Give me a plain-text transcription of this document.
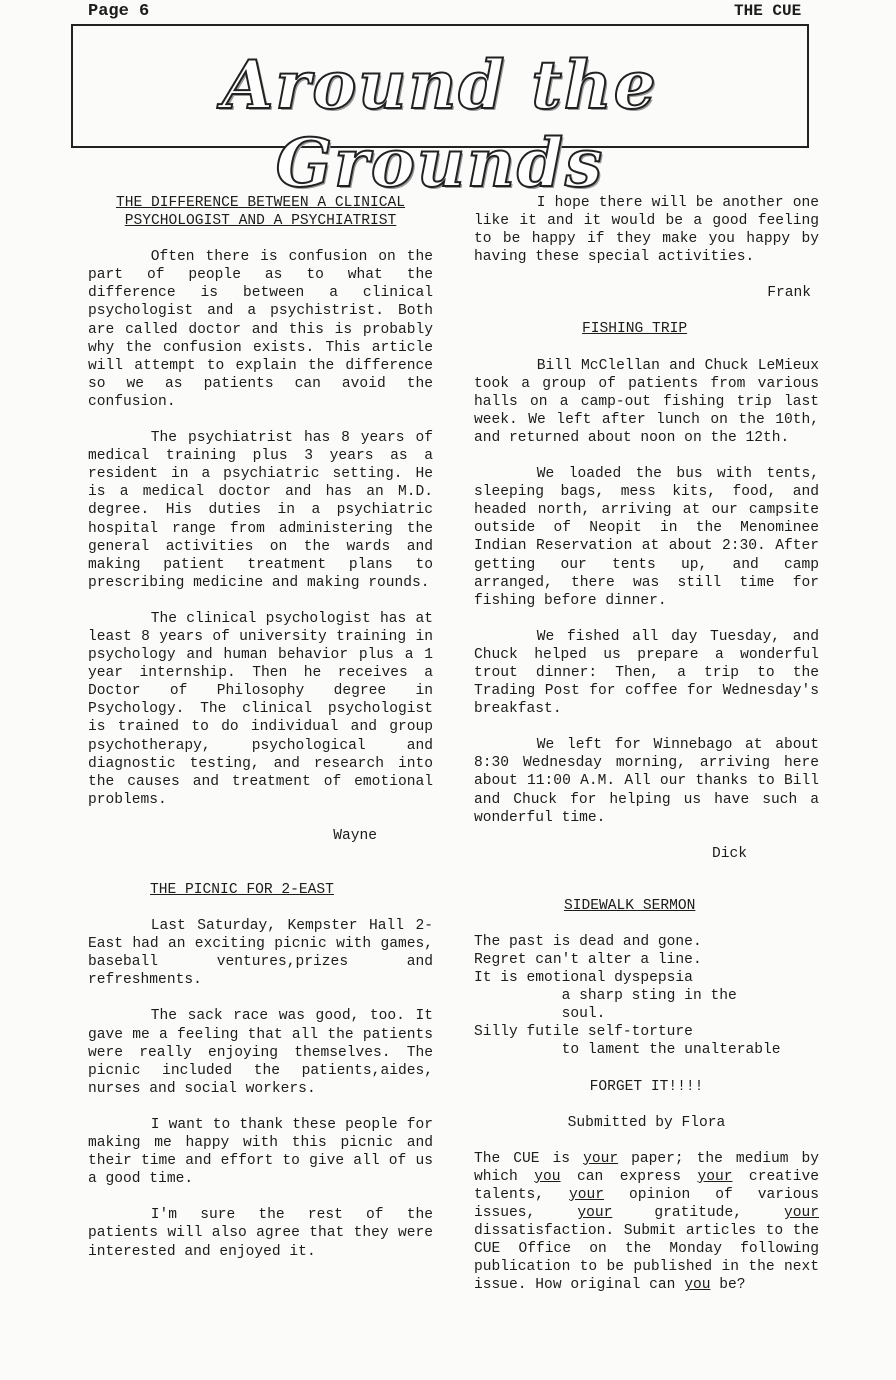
Page 6	THE CUE
Around the Grounds

THE DIFFERENCE BETWEEN A CLINICAL

PSYCHOLOGIST AND A PSYCHIATRIST

Often there is confusion on the part of people as to what the difference is between a clinical psychologist and a psychistrist. Both are called doctor and this is probably why the confusion exists. This article will attempt to explain the difference so we as patients can avoid the confusion.

The psychiatrist has 8 years of medical training plus 3 years as a resident in a psychiatric setting. He is a medical doctor and has an M.D. degree. His duties in a psychiatric hospital range from administering the general activities on the wards and making patient treatment plans to prescribing medicine and making rounds.

The clinical psychologist has at least 8 years of university training in psychology and human behavior plus a 1 year internship. Then he receives a Doctor of Philosophy degree in Psychology. The clinical psychologist is trained to do individual and group psychotherapy, psychological and diagnostic testing, and research into the causes and treatment of emotional problems.

Wayne

THE PICNIC FOR 2-EAST

Last Saturday, Kempster Hall 2-East had an exciting picnic with games, baseball ventures,prizes and refreshments.

The sack race was good, too. It gave me a feeling that all the patients were really enjoying themselves. The picnic included the patients,aides, nurses and social workers.

I want to thank these people for making me happy with this picnic and their time and effort to give all of us a good time.

I'm sure the rest of the patients will also agree that they were interested and enjoyed it.

I hope there will be another one like it and it would be a good feeling to be happy if they make you happy by having these special activities.

Frank

FISHING TRIP

Bill McClellan and Chuck LeMieux took a group of patients from various halls on a camp-out fishing trip last week. We left after lunch on the 10th, and returned about noon on the 12th.

We loaded the bus with tents, sleeping bags, mess kits, food, and headed north, arriving at our campsite outside of Neopit in the Menominee Indian Reservation at about 2:30. After getting our tents up, and camp arranged, there was still time for fishing before dinner.

We fished all day Tuesday, and Chuck helped us prepare a wonderful trout dinner: Then, a trip to the Trading Post for coffee for Wednesday's breakfast.

We left for Winnebago at about 8:30 Wednesday morning, arriving here about 11:00 A.M. All our thanks to Bill and Chuck for helping us have such a wonderful time.

Dick

SIDEWALK SERMON

The past is dead and gone.
Regret can't alter a line.
It is emotional dyspepsia
a sharp sting in the
soul.
Silly futile self-torture
to lament the unalterable

FORGET IT!!!!

Submitted by Flora

The CUE is your paper; the medium by which you can express your creative talents, your opinion of various issues, your gratitude, your dissatisfaction. Submit articles to the CUE Office on the Monday following publication to be published in the next issue. How original can you be?
